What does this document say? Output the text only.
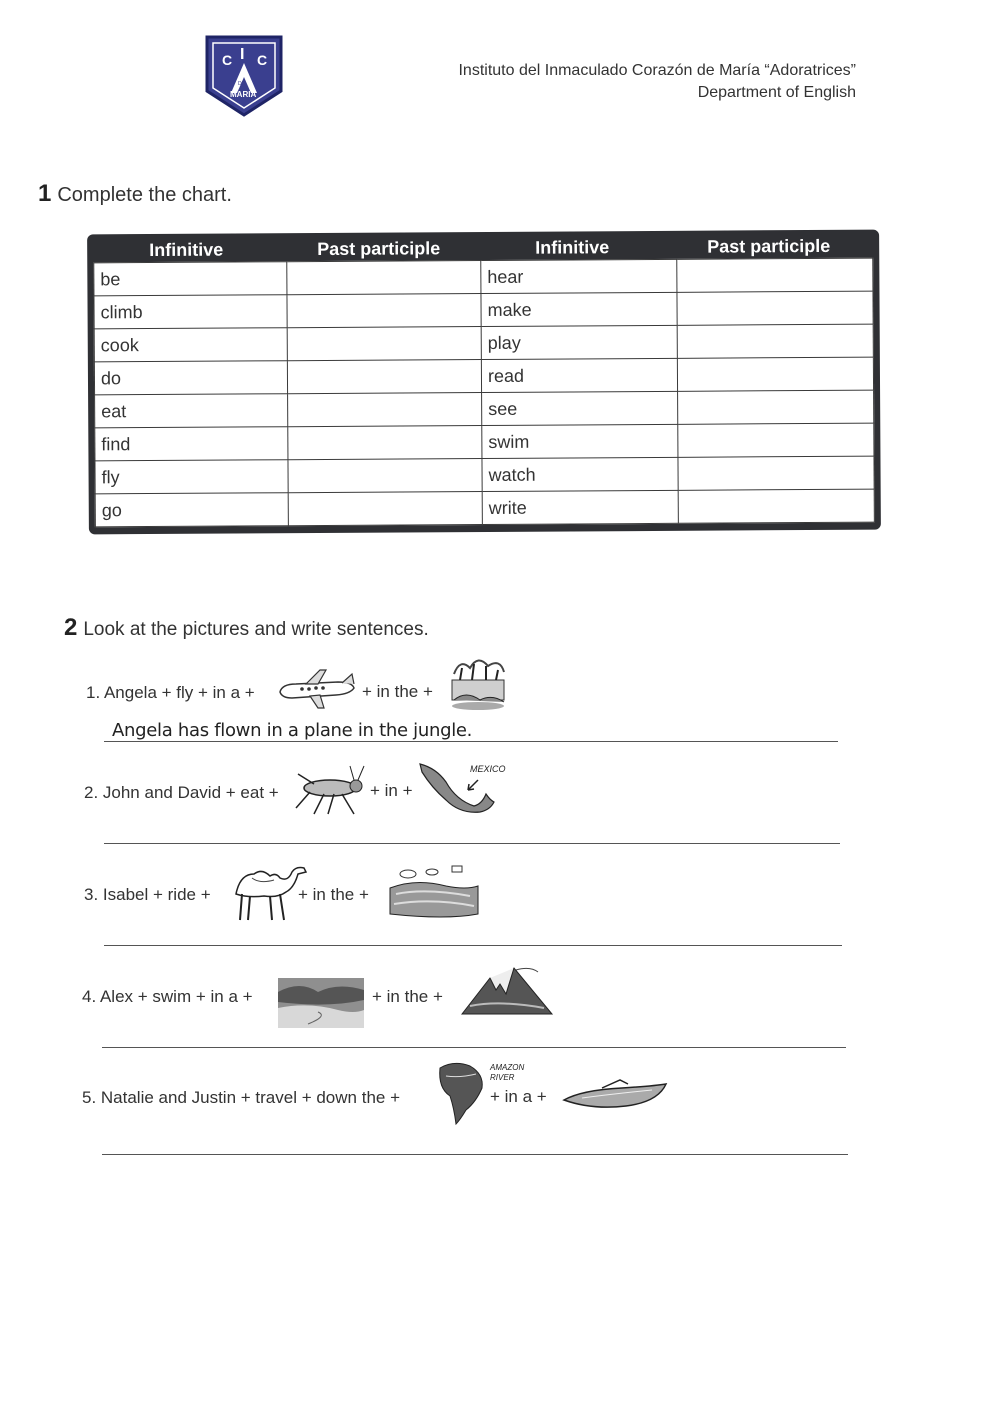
C I C
DE
MARIA
Instituto del Inmaculado Corazón de María “Adoratrices”
Department of English
1 Complete the chart.
Infinitive	Past participle	Infinitive	Past participle
be		hear	
climb		make	
cook		play	
do		read	
eat		see	
find		swim	
fly		watch	
go		write	
2 Look at the pictures and write sentences.
1. Angela + fly + in a +	+ in the +
Angela has flown in a plane in the jungle.
2. John and David + eat +	+ in +
MEXICO
3. Isabel + ride +	+ in the +
4. Alex + swim + in a +	+ in the +
5. Natalie and Justin + travel + down the +
AMAZON
RIVER
+ in a +
